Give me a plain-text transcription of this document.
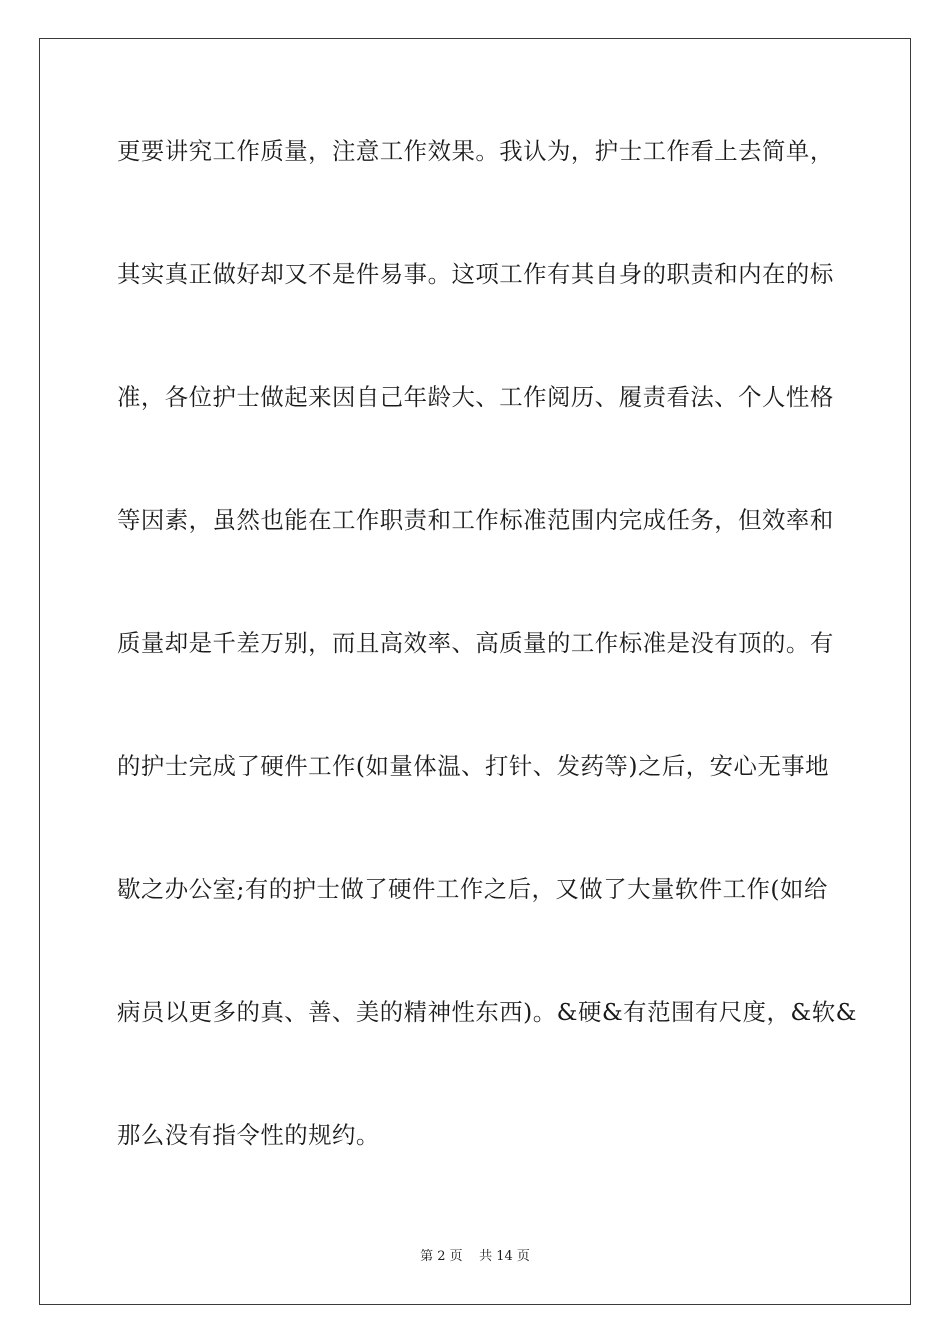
更要讲究工作质量，注意工作效果。我认为，护士工作看上去简单，
其实真正做好却又不是件易事。这项工作有其自身的职责和内在的标
准，各位护士做起来因自己年龄大、工作阅历、履责看法、个人性格
等因素，虽然也能在工作职责和工作标准范围内完成任务，但效率和
质量却是千差万别，而且高效率、高质量的工作标准是没有顶的。有
的护士完成了硬件工作(如量体温、打针、发药等)之后，安心无事地
歇之办公室;有的护士做了硬件工作之后，又做了大量软件工作(如给
病员以更多的真、善、美的精神性东西)。&硬&有范围有尺度，&软&
那么没有指令性的规约。
第 2 页    共 14 页
